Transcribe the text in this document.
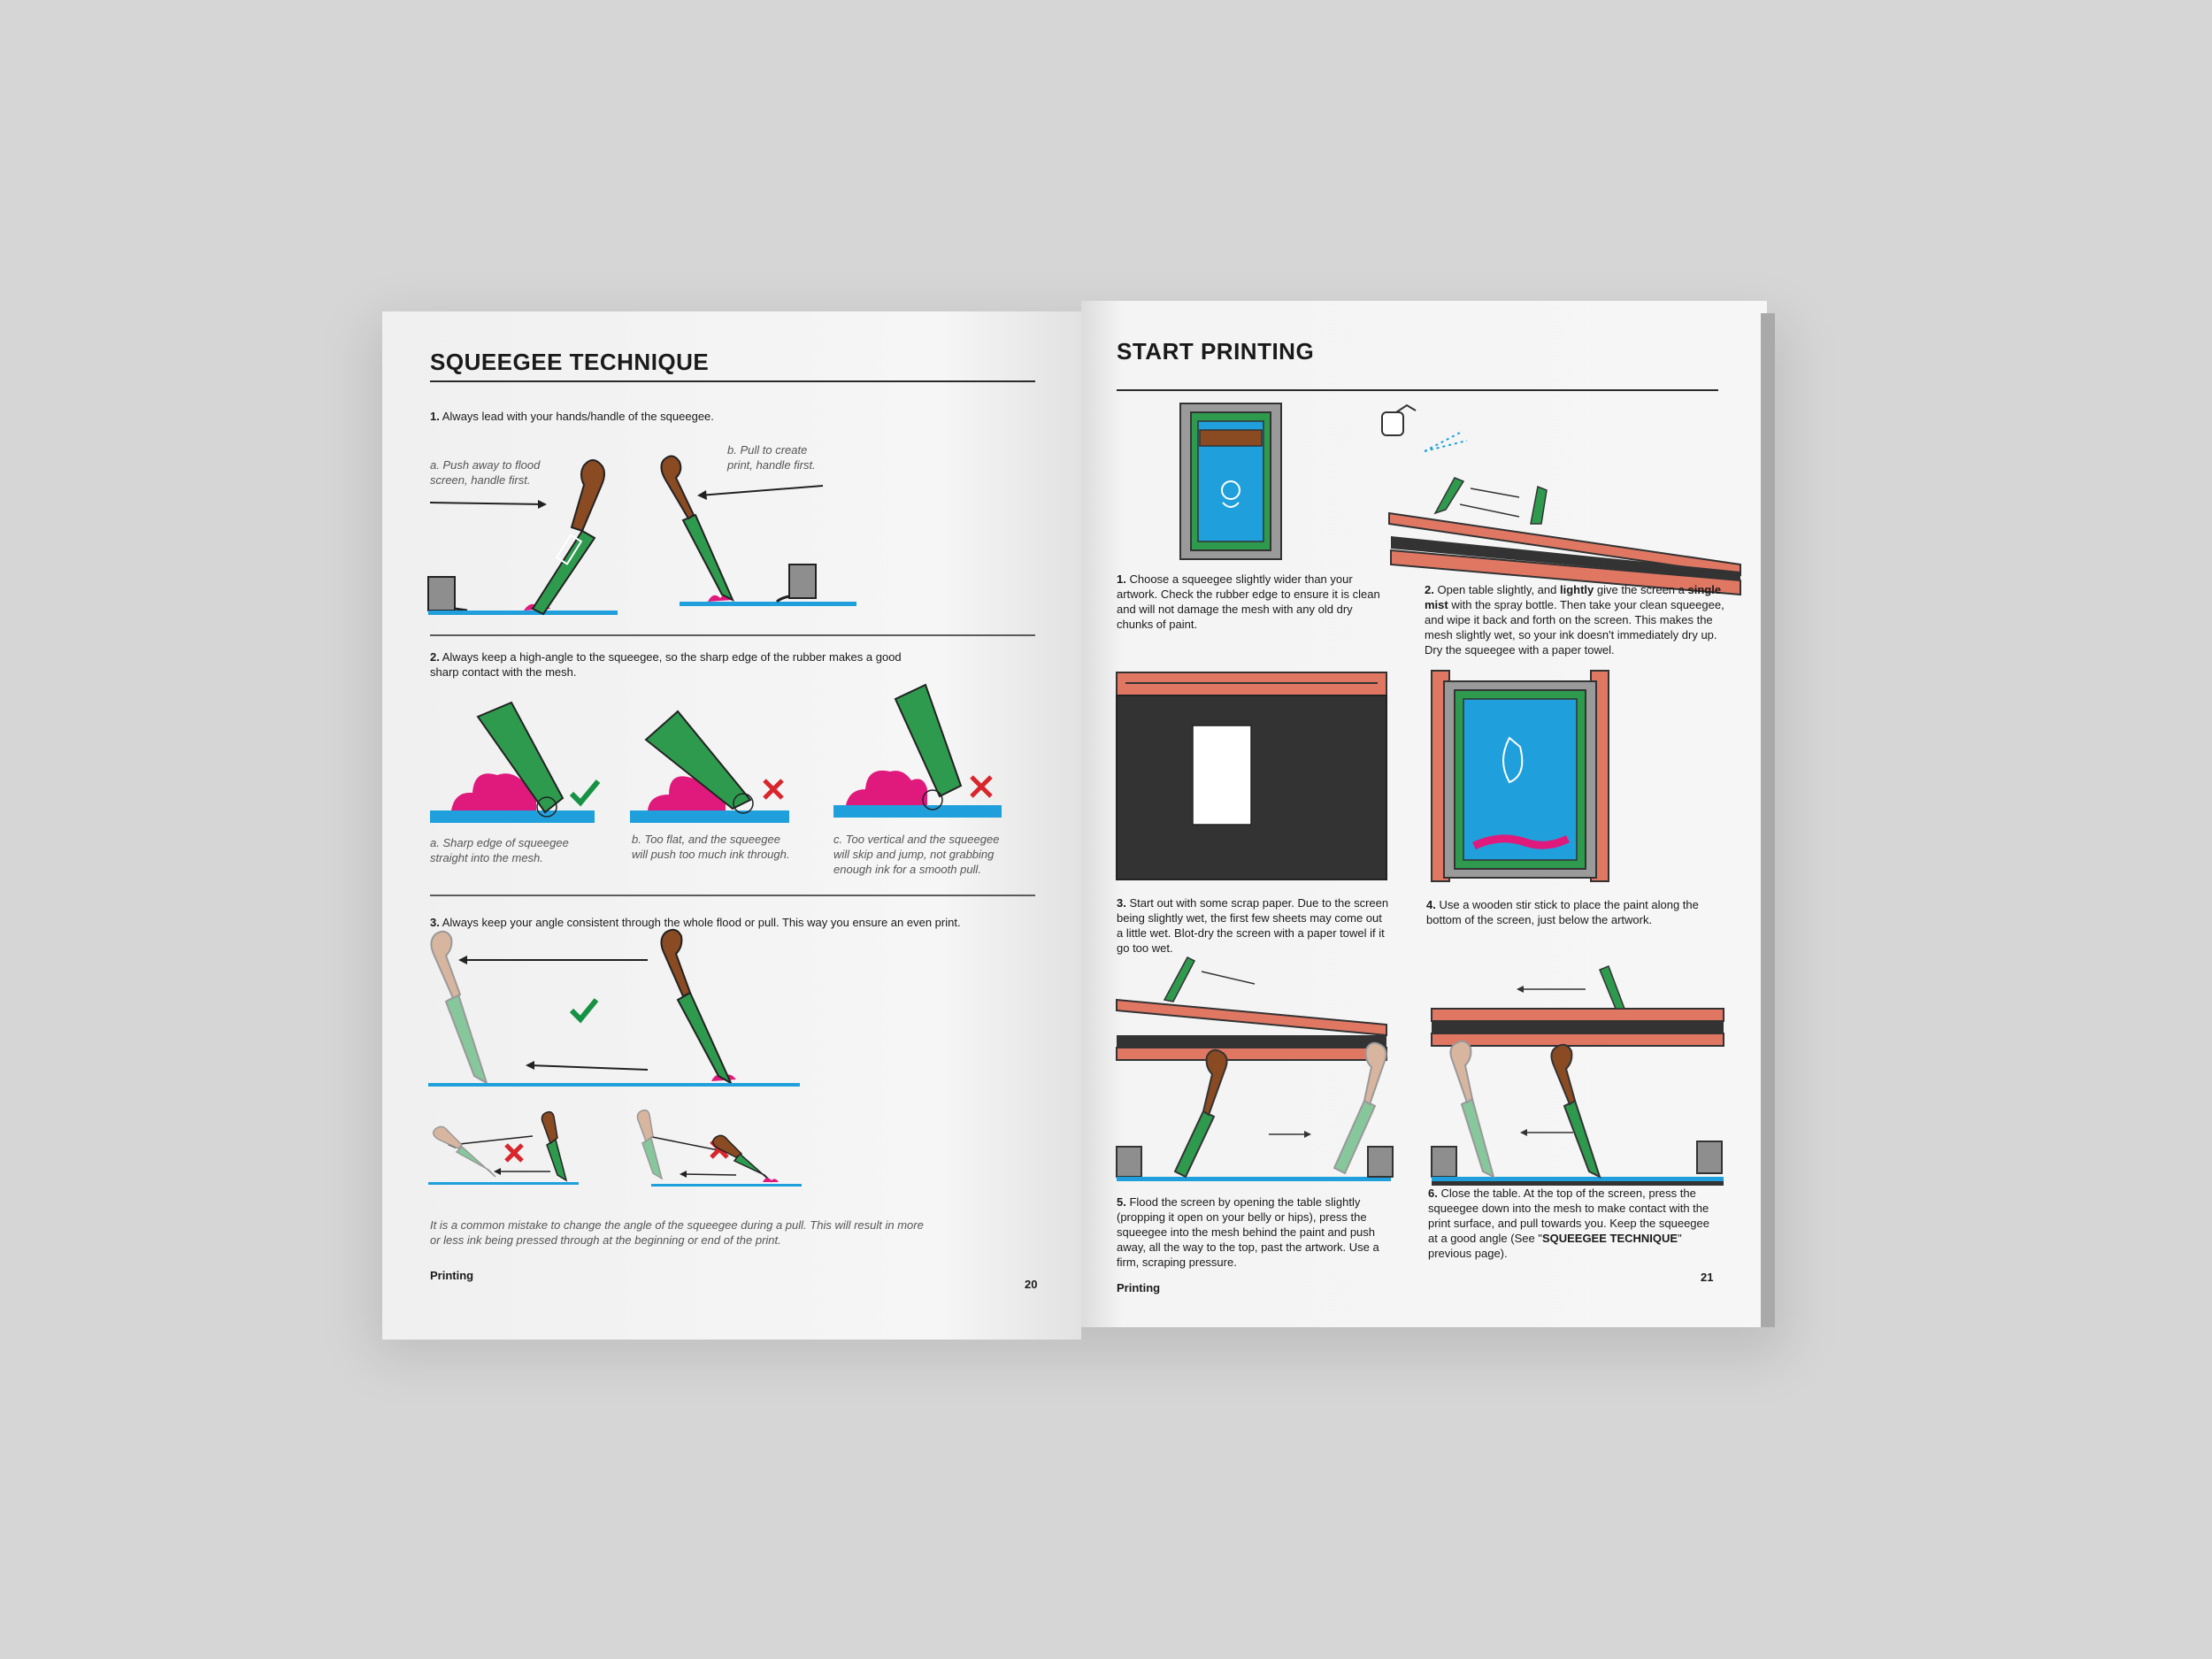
SQUEEGEE TECHNIQUE
1. Always lead with your hands/handle of the squeegee.
a. Push away to flood screen, handle first.
b. Pull to create print, handle first.
2. Always keep a high-angle to the squeegee, so the sharp edge of the rubber makes a good sharp contact with the mesh.
a. Sharp edge of squeegee straight into the mesh.
b. Too flat, and the squeegee will push too much ink through.
c. Too vertical and the squeegee will skip and jump, not grabbing enough ink for a smooth pull.
3. Always keep your angle consistent through the whole flood or pull. This way you ensure an even print.
It is a common mistake to change the angle of the squeegee during a pull. This will result in more or less ink being pressed through at the beginning or end of the print.
Printing
20
START PRINTING
1. Choose a squeegee slightly wider than your artwork. Check the rubber edge to ensure it is clean and will not damage the mesh with any old dry chunks of paint.
2. Open table slightly, and lightly give the screen a single mist with the spray bottle. Then take your clean squeegee, and wipe it back and forth on the screen. This makes the mesh slightly wet, so your ink doesn't immediately dry up. Dry the squeegee with a paper towel.
3. Start out with some scrap paper. Due to the screen being slightly wet, the first few sheets may come out a little wet. Blot-dry the screen with a paper towel if it go too wet.
4. Use a wooden stir stick to place the paint along the bottom of the screen, just below the artwork.
5. Flood the screen by opening the table slightly (propping it open on your belly or hips), press the squeegee into the mesh behind the paint and push away, all the way to the top, past the artwork. Use a firm, scraping pressure.
6. Close the table. At the top of the screen, press the squeegee down into the mesh to make contact with the print surface, and pull towards you. Keep the squeegee at a good angle (See "SQUEEGEE TECHNIQUE" previous page).
Printing
21
